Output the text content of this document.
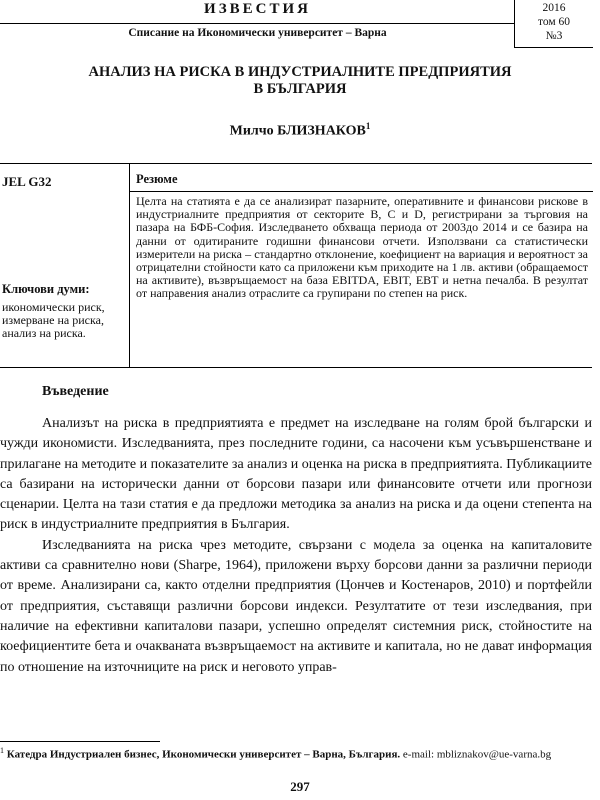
ИЗВЕСТИЯ
Списание на Икономически университет – Варна
2016
том 60
№3
АНАЛИЗ НА РИСКА В ИНДУСТРИАЛНИТЕ ПРЕДПРИЯТИЯ
В БЪЛГАРИЯ
Милчо БЛИЗНАКОВ$^1$
JEL G32
Ключови думи:
икономически риск, измерване на риска, анализ на риска.
Резюме
Целта на статията е да се анализират пазарните, оперативните и финансови рискове в индустриалните предприятия от секторите B, C и D, регистрирани за търговия на пазара на БФБ-София. Изследването обхваща периода от 2003до 2014 и се базира на данни от одитираните годишни финансови отчети. Използвани са статистически измерители на риска – стандартно отклонение, коефициент на вариация и вероятност за отрицателни стойности като са приложени към приходите на 1 лв. активи (обращаемост на активите), възвръщаемост на база EBITDA, EBIT, EBT и нетна печалба. В резултат от направения анализ отраслите са групирани по степен на риск.
Въведение

Анализът на риска в предприятията е предмет на изследване на голям брой български и чужди икономисти. Изследванията, през последните години, са насочени към усъвършенстване и прилагане на методите и показателите за анализ и оценка на риска в предприятията. Публикациите са базирани на исторически данни от борсови пазари или финансовите отчети или прогнози сценарии. Целта на тази статия е да предложи методика за анализ на риска и да оцени степента на риск в индустриалните предприятия в България.

Изследванията на риска чрез методите, свързани с модела за оценка на капиталовите активи са сравнително нови (Sharpe, 1964), приложени върху борсови данни за различни периоди от време. Анализирани са, както отделни предприятия (Цончев и Костенаров, 2010) и портфейли от предприятия, съставящи различни борсови индекси. Резултатите от тези изследвания, при наличие на ефективни капиталови пазари, успешно определят системния риск, стойностите на коефициентите бета и очакваната възвръщаемост на активите и капитала, но не дават информация по отношение на източниците на риск и неговото управ-

$^1$ Катедра Индустриален бизнес, Икономически университет – Варна, България. e-mail: mbliznakov@ue-varna.bg
297
